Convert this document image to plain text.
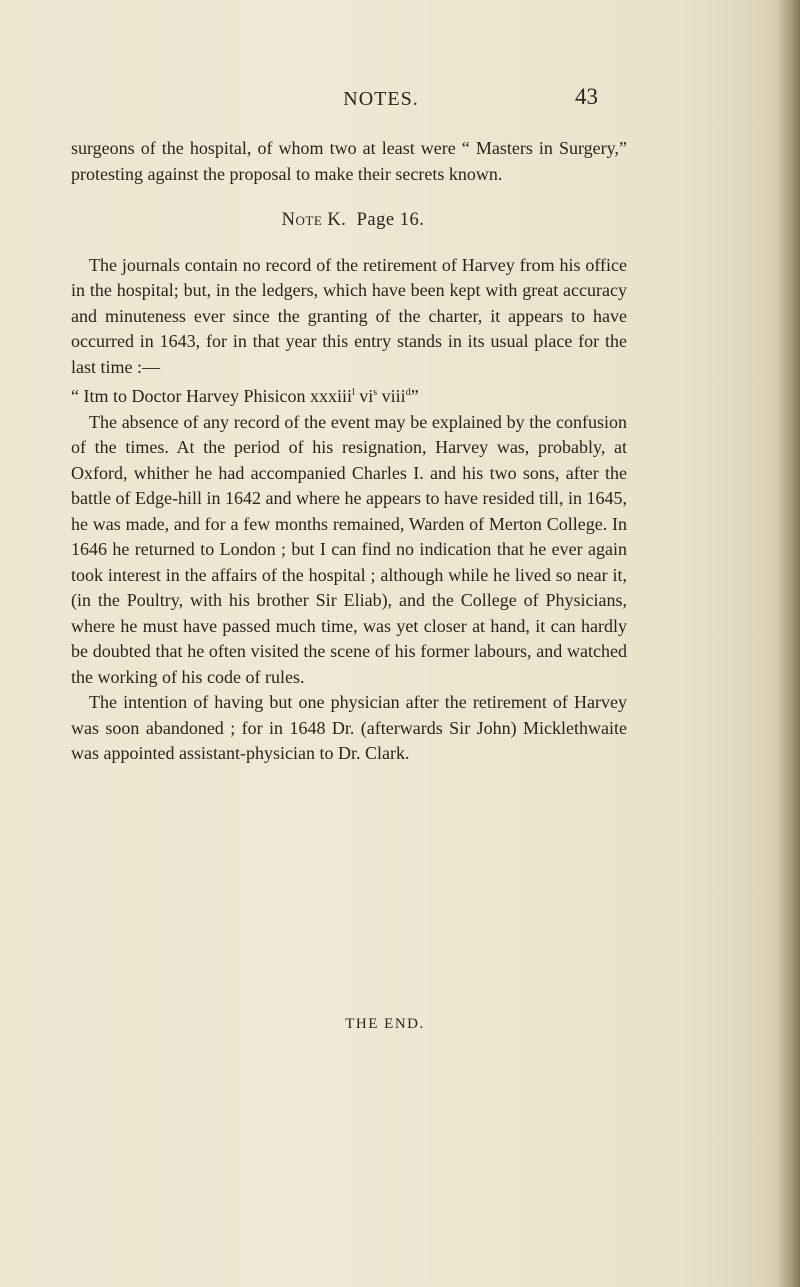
NOTES.	43

surgeons of the hospital, of whom two at least were “ Masters in Surgery,” protesting against the proposal to make their secrets known.

Note K. Page 16.

The journals contain no record of the retirement of Harvey from his office in the hospital; but, in the ledgers, which have been kept with great accuracy and minuteness ever since the granting of the charter, it appears to have occurred in 1643, for in that year this entry stands in its usual place for the last time :—

“ Itm to Doctor Harvey Phisicon xxxiii$^l$ $vi^s$ viii$^d$”

The absence of any record of the event may be explained by the confusion of the times. At the period of his resignation, Harvey was, probably, at Oxford, whither he had accompanied Charles I. and his two sons, after the battle of Edge-hill in 1642 and where he appears to have resided till, in 1645, he was made, and for a few months remained, Warden of Merton College. In 1646 he returned to London ; but I can find no indication that he ever again took interest in the affairs of the hospital ; although while he lived so near it, (in the Poultry, with his brother Sir Eliab), and the College of Physicians, where he must have passed much time, was yet closer at hand, it can hardly be doubted that he often visited the scene of his former labours, and watched the working of his code of rules.

The intention of having but one physician after the retirement of Harvey was soon abandoned ; for in 1648 Dr. (afterwards Sir John) Micklethwaite was appointed assistant-physician to Dr. Clark.

THE END.
